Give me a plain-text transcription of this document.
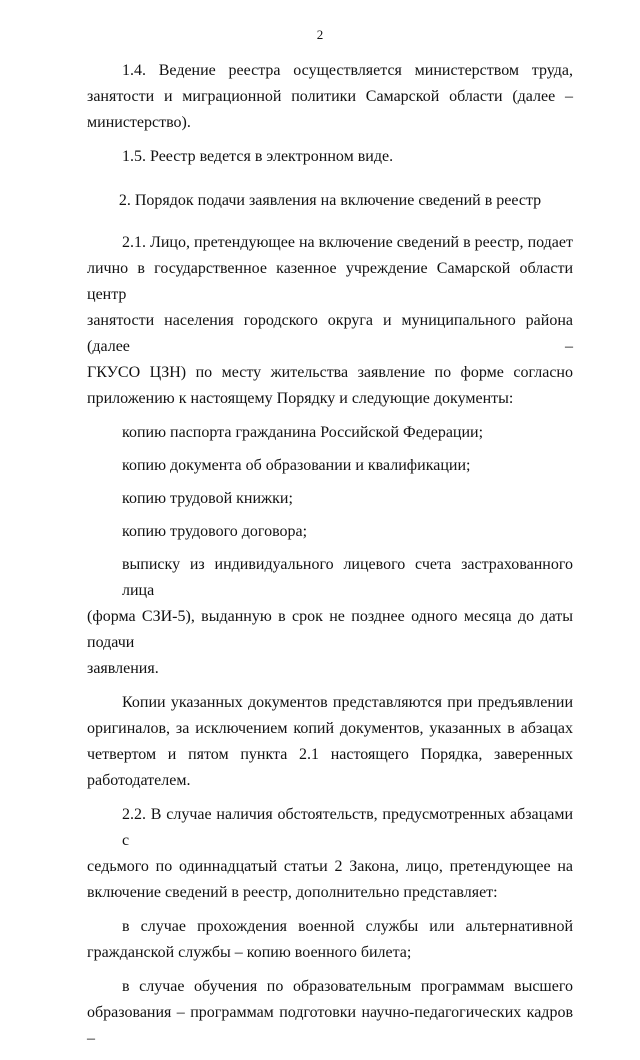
2
1.4. Ведение реестра осуществляется министерством труда,
занятости и миграционной политики Самарской области (далее –
министерство).
1.5. Реестр ведется в электронном виде.
2. Порядок подачи заявления на включение сведений в реестр
2.1. Лицо, претендующее на включение сведений в реестр, подает
лично в государственное казенное учреждение Самарской области центр
занятости населения городского округа и муниципального района (далее –
ГКУСО ЦЗН) по месту жительства заявление по форме согласно
приложению к настоящему Порядку и следующие документы:
копию паспорта гражданина Российской Федерации;
копию документа об образовании и квалификации;
копию трудовой книжки;
копию трудового договора;
выписку из индивидуального лицевого счета застрахованного лица
(форма СЗИ-5), выданную в срок не позднее одного месяца до даты подачи
заявления.
Копии указанных документов представляются при предъявлении
оригиналов, за исключением копий документов, указанных в абзацах
четвертом и пятом пункта 2.1 настоящего Порядка, заверенных
работодателем.
2.2. В случае наличия обстоятельств, предусмотренных абзацами с
седьмого по одиннадцатый статьи 2 Закона, лицо, претендующее на
включение сведений в реестр, дополнительно представляет:
в случае прохождения военной службы или альтернативной
гражданской службы – копию военного билета;
в случае обучения по образовательным программам высшего
образования – программам подготовки научно-педагогических кадров –
